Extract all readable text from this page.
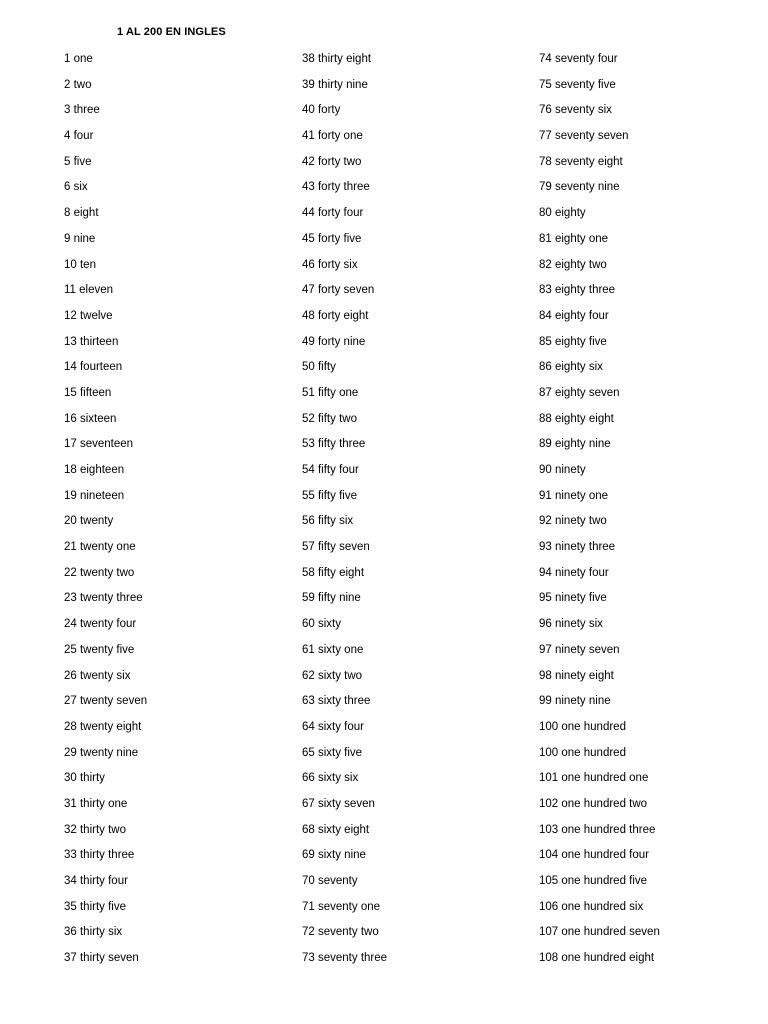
1 AL 200 EN INGLES
1 one
2 two
3 three
4 four
5 five
6 six
8 eight
9 nine
10 ten
11 eleven
12 twelve
13 thirteen
14 fourteen
15 fifteen
16 sixteen
17 seventeen
18 eighteen
19 nineteen
20 twenty
21 twenty one
22 twenty two
23 twenty three
24 twenty four
25 twenty five
26 twenty six
27 twenty seven
28 twenty eight
29 twenty nine
30 thirty
31 thirty one
32 thirty two
33 thirty three
34 thirty four
35 thirty five
36 thirty six
37 thirty seven
38 thirty eight
39 thirty nine
40 forty
41 forty one
42 forty two
43 forty three
44 forty four
45 forty five
46 forty six
47 forty seven
48 forty eight
49 forty nine
50 fifty
51 fifty one
52 fifty two
53 fifty three
54 fifty four
55 fifty five
56 fifty six
57 fifty seven
58 fifty eight
59 fifty nine
60 sixty
61 sixty one
62 sixty two
63 sixty three
64 sixty four
65 sixty five
66 sixty six
67 sixty seven
68 sixty eight
69 sixty nine
70 seventy
71 seventy one
72 seventy two
73 seventy three
74 seventy four
75 seventy five
76 seventy six
77 seventy seven
78 seventy eight
79 seventy nine
80 eighty
81 eighty one
82 eighty two
83 eighty three
84 eighty four
85 eighty five
86 eighty six
87 eighty seven
88 eighty eight
89 eighty nine
90 ninety
91 ninety one
92 ninety two
93 ninety three
94 ninety four
95 ninety five
96 ninety six
97 ninety seven
98 ninety eight
99 ninety nine
100 one hundred
100 one hundred
101 one hundred one
102 one hundred two
103 one hundred three
104 one hundred four
105 one hundred five
106 one hundred six
107 one hundred seven
108 one hundred eight
